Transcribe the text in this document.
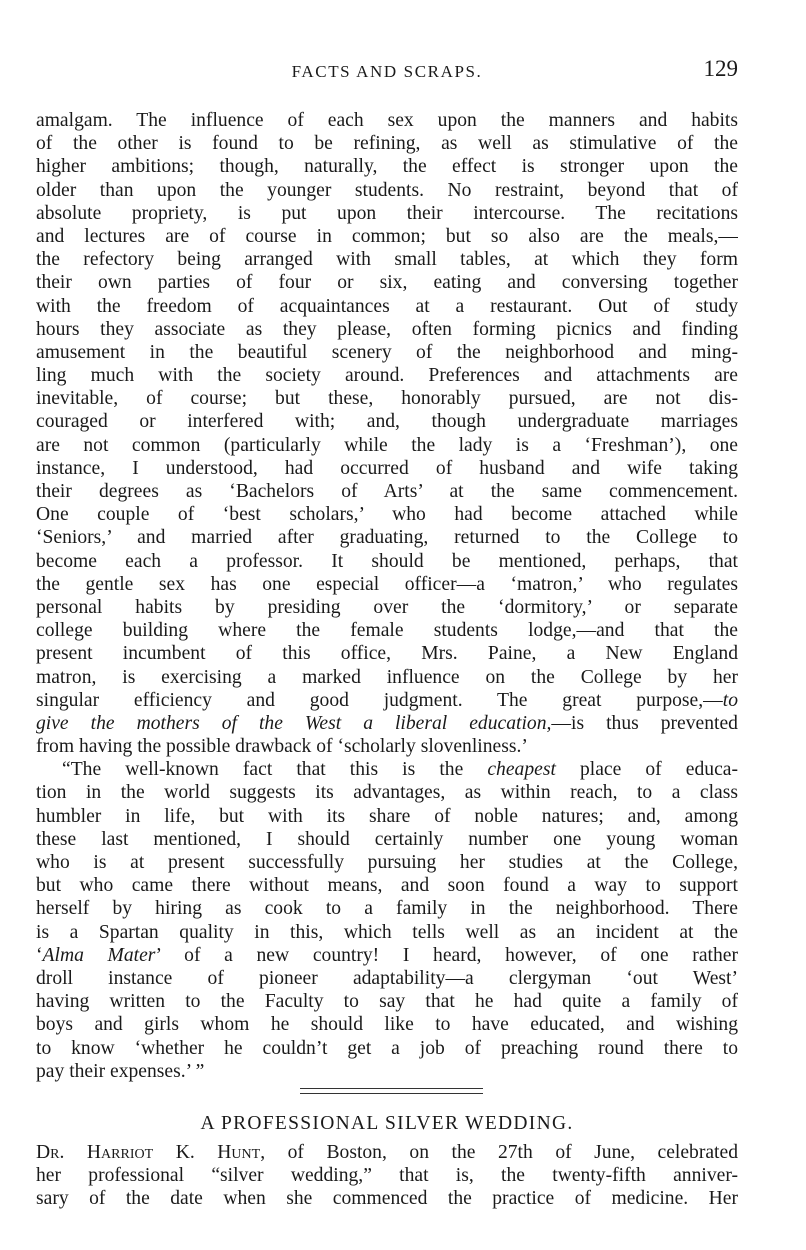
FACTS AND SCRAPS.	129
amalgam. The influence of each sex upon the manners and habits
of the other is found to be refining, as well as stimulative of the
higher ambitions; though, naturally, the effect is stronger upon the
older than upon the younger students. No restraint, beyond that of
absolute propriety, is put upon their intercourse. The recitations
and lectures are of course in common; but so also are the meals,—
the refectory being arranged with small tables, at which they form
their own parties of four or six, eating and conversing together
with the freedom of acquaintances at a restaurant. Out of study
hours they associate as they please, often forming picnics and finding
amusement in the beautiful scenery of the neighborhood and ming-
ling much with the society around. Preferences and attachments are
inevitable, of course; but these, honorably pursued, are not dis-
couraged or interfered with; and, though undergraduate marriages
are not common (particularly while the lady is a ‘Freshman’), one
instance, I understood, had occurred of husband and wife taking
their degrees as ‘Bachelors of Arts’ at the same commencement.
One couple of ‘best scholars,’ who had become attached while
‘Seniors,’ and married after graduating, returned to the College to
become each a professor. It should be mentioned, perhaps, that
the gentle sex has one especial officer—a ‘matron,’ who regulates
personal habits by presiding over the ‘dormitory,’ or separate
college building where the female students lodge,—and that the
present incumbent of this office, Mrs. Paine, a New England
matron, is exercising a marked influence on the College by her
singular efficiency and good judgment. The great purpose,—to
give the mothers of the West a liberal education,—is thus prevented
from having the possible drawback of ‘scholarly slovenliness.’
“The well-known fact that this is the cheapest place of educa-
tion in the world suggests its advantages, as within reach, to a class
humbler in life, but with its share of noble natures; and, among
these last mentioned, I should certainly number one young woman
who is at present successfully pursuing her studies at the College,
but who came there without means, and soon found a way to support
herself by hiring as cook to a family in the neighborhood. There
is a Spartan quality in this, which tells well as an incident at the
‘Alma Mater’ of a new country! I heard, however, of one rather
droll instance of pioneer adaptability—a clergyman ‘out West’
having written to the Faculty to say that he had quite a family of
boys and girls whom he should like to have educated, and wishing
to know ‘whether he couldn’t get a job of preaching round there to
pay their expenses.’ ”
A PROFESSIONAL SILVER WEDDING.
Dr. Harriot K. Hunt, of Boston, on the 27th of June, celebrated
her professional “silver wedding,” that is, the twenty-fifth anniver-
sary of the date when she commenced the practice of medicine. Her
